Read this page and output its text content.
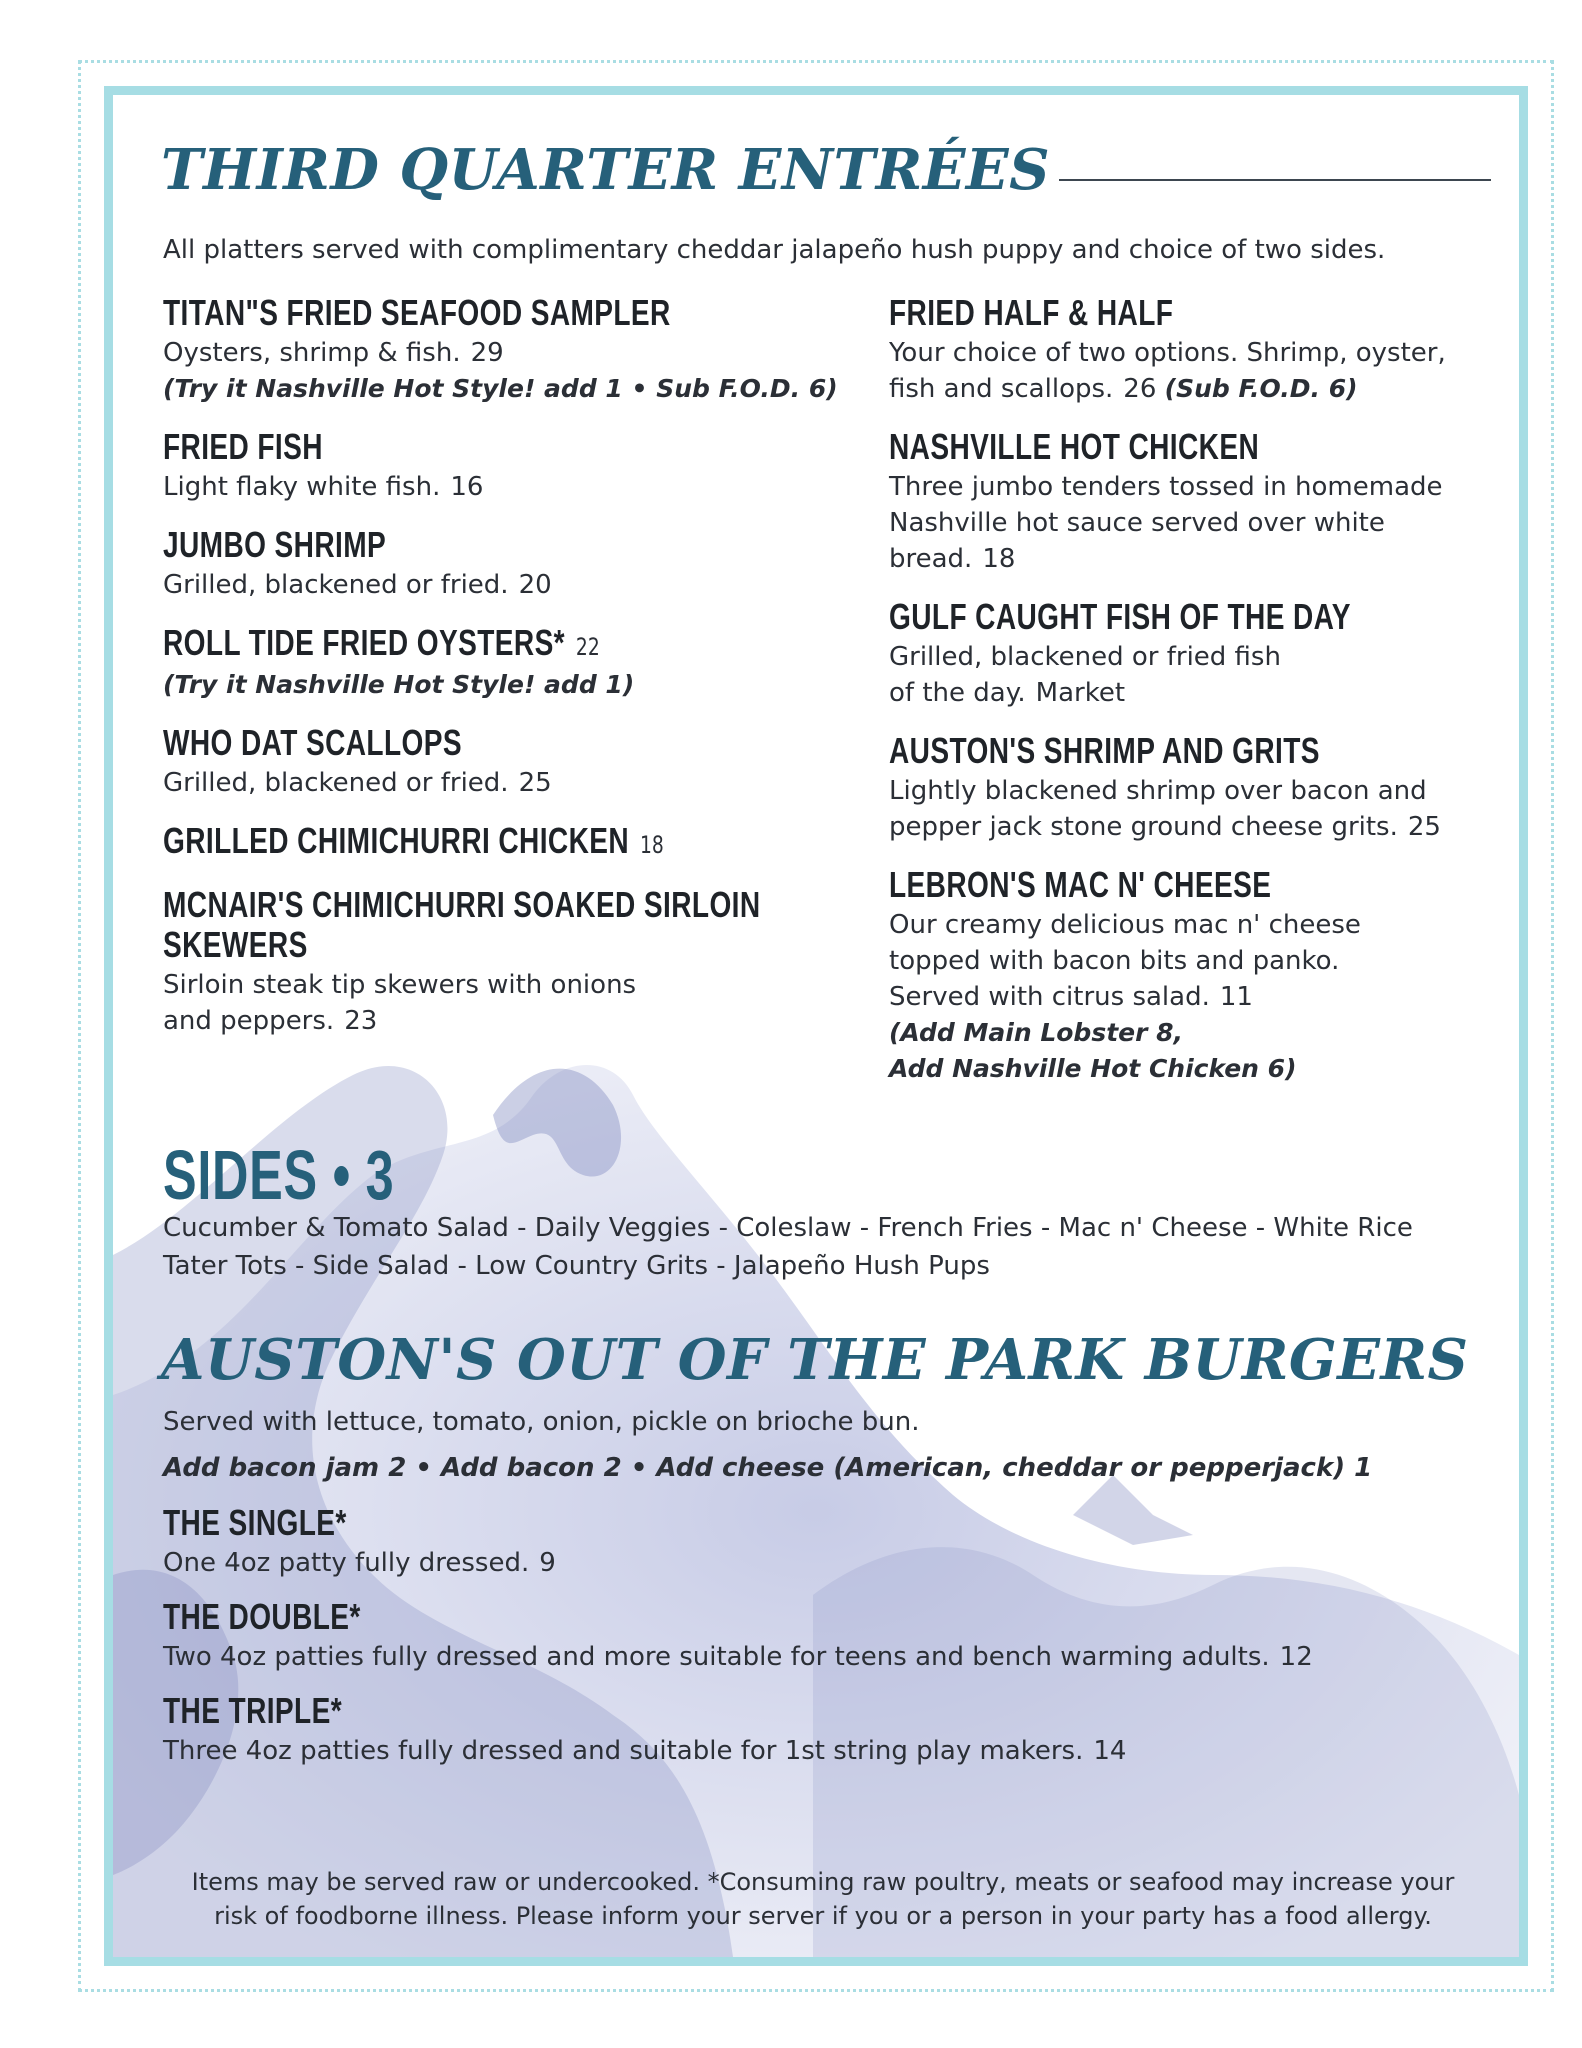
THIRD QUARTER ENTRÉES
All platters served with complimentary cheddar jalapeño hush puppy and choice of two sides.
TITAN"S FRIED SEAFOOD SAMPLER
Oysters, shrimp & fish. 29
(Try it Nashville Hot Style! add 1 • Sub F.O.D. 6)
FRIED FISH
Light flaky white fish. 16
JUMBO SHRIMP
Grilled, blackened or fried. 20
ROLL TIDE FRIED OYSTERS* 22
(Try it Nashville Hot Style! add 1)
WHO DAT SCALLOPS
Grilled, blackened or fried. 25
GRILLED CHIMICHURRI CHICKEN 18
MCNAIR'S CHIMICHURRI SOAKED SIRLOIN SKEWERS
Sirloin steak tip skewers with onions and peppers. 23
FRIED HALF & HALF
Your choice of two options. Shrimp, oyster, fish and scallops. 26 (Sub F.O.D. 6)
NASHVILLE HOT CHICKEN
Three jumbo tenders tossed in homemade Nashville hot sauce served over white bread. 18
GULF CAUGHT FISH OF THE DAY
Grilled, blackened or fried fish of the day. Market
AUSTON'S SHRIMP AND GRITS
Lightly blackened shrimp over bacon and pepper jack stone ground cheese grits. 25
LEBRON'S MAC N' CHEESE
Our creamy delicious mac n' cheese topped with bacon bits and panko. Served with citrus salad. 11
(Add Main Lobster 8,
Add Nashville Hot Chicken 6)
SIDES • 3
Cucumber & Tomato Salad - Daily Veggies - Coleslaw - French Fries - Mac n' Cheese - White Rice
Tater Tots - Side Salad - Low Country Grits - Jalapeño Hush Pups
AUSTON'S OUT OF THE PARK BURGERS
Served with lettuce, tomato, onion, pickle on brioche bun.
Add bacon jam 2 • Add bacon 2 • Add cheese (American, cheddar or pepperjack) 1
THE SINGLE*
One 4oz patty fully dressed. 9
THE DOUBLE*
Two 4oz patties fully dressed and more suitable for teens and bench warming adults. 12
THE TRIPLE*
Three 4oz patties fully dressed and suitable for 1st string play makers. 14
Items may be served raw or undercooked. *Consuming raw poultry, meats or seafood may increase your
risk of foodborne illness. Please inform your server if you or a person in your party has a food allergy.
